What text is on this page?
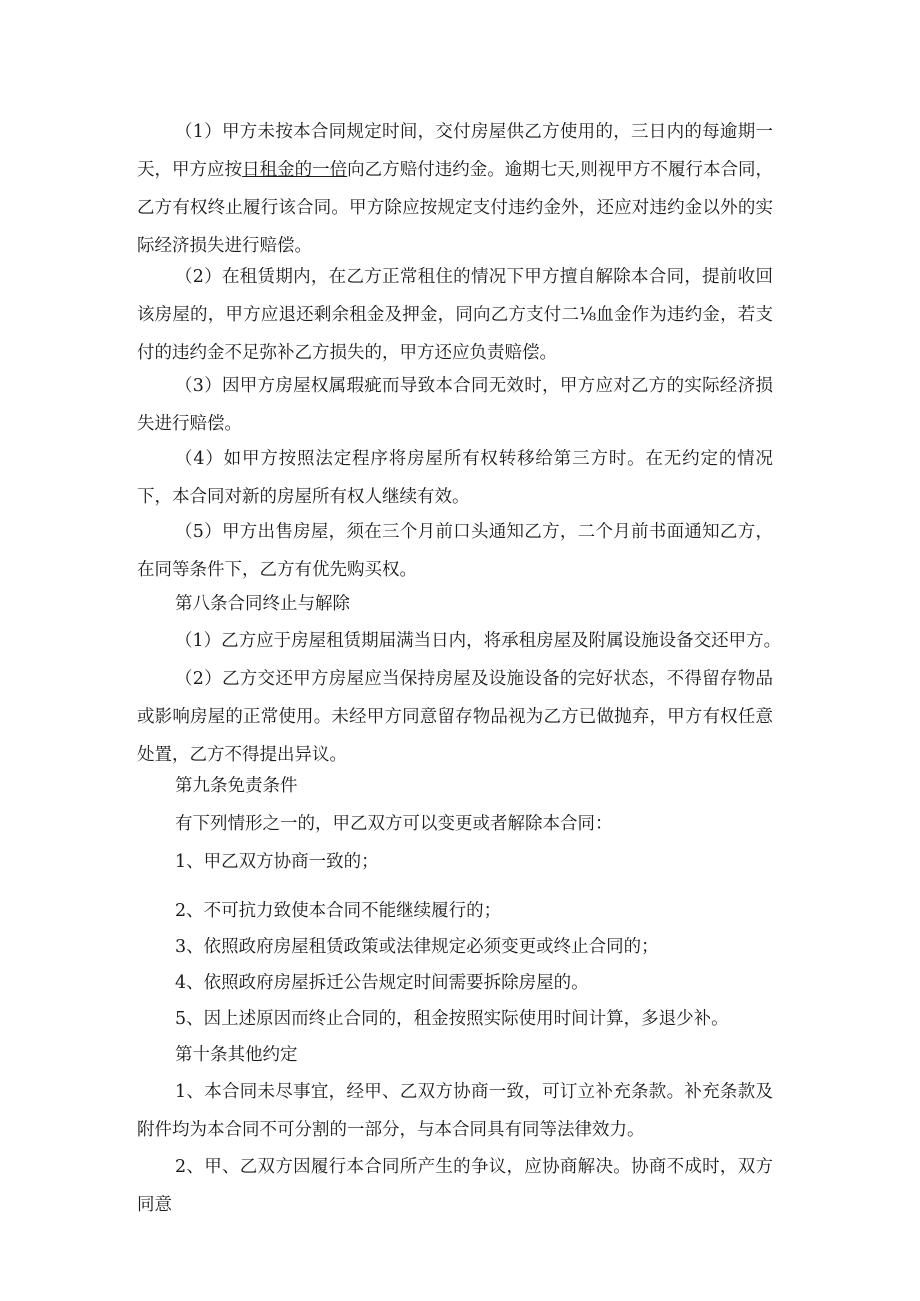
（1）甲方未按本合同规定时间，交付房屋供乙方使用的，三日内的每逾期一天，甲方应按日租金的一倍向乙方赔付违约金。逾期七天,则视甲方不履行本合同，乙方有权终止履行该合同。甲方除应按规定支付违约金外，还应对违约金以外的实际经济损失进行赔偿。

（2）在租赁期内，在乙方正常租住的情况下甲方擅自解除本合同，提前收回该房屋的，甲方应退还剩余租金及押金，同向乙方支付二⅛血金作为违约金，若支付的违约金不足弥补乙方损失的，甲方还应负责赔偿。

（3）因甲方房屋权属瑕疵而导致本合同无效时，甲方应对乙方的实际经济损失进行赔偿。

（4）如甲方按照法定程序将房屋所有权转移给第三方时。在无约定的情况下，本合同对新的房屋所有权人继续有效。

（5）甲方出售房屋，须在三个月前口头通知乙方，二个月前书面通知乙方，在同等条件下，乙方有优先购买权。

第八条合同终止与解除
（1）乙方应于房屋租赁期届满当日内，将承租房屋及附属设施设备交还甲方。

（2）乙方交还甲方房屋应当保持房屋及设施设备的完好状态，不得留存物品或影响房屋的正常使用。未经甲方同意留存物品视为乙方已做抛弃，甲方有权任意处置，乙方不得提出异议。

第九条免责条件
有下列情形之一的，甲乙双方可以变更或者解除本合同：
1、甲乙双方协商一致的；
2、不可抗力致使本合同不能继续履行的；
3、依照政府房屋租赁政策或法律规定必须变更或终止合同的；
4、依照政府房屋拆迁公告规定时间需要拆除房屋的。
5、因上述原因而终止合同的，租金按照实际使用时间计算，多退少补。
第十条其他约定

1、本合同未尽事宜，经甲、乙双方协商一致，可订立补充条款。补充条款及附件均为本合同不可分割的一部分，与本合同具有同等法律效力。

2、甲、乙双方因履行本合同所产生的争议，应协商解决。协商不成时，双方同意
